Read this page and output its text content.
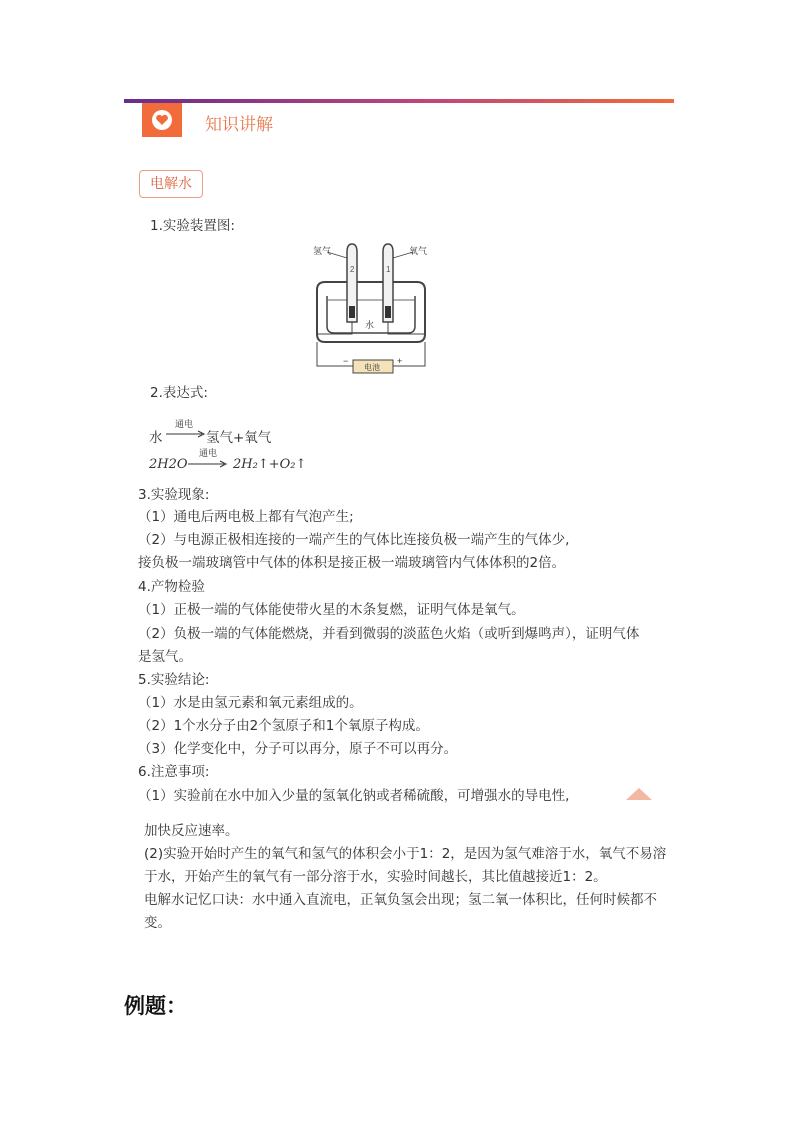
知识讲解
电解水
1.实验装置图:
氢气	氧气
2	1
水
电池
−	+
2.表达式:
水
通电
氢气+氧气
2H2O
通电
2H₂↑+O₂↑
3.实验现象:
（1）通电后两电极上都有气泡产生;
（2）与电源正极相连接的一端产生的气体比连接负极一端产生的气体少,
接负极一端玻璃管中气体的体积是接正极一端玻璃管内气体体积的2倍。
4.产物检验
（1）正极一端的气体能使带火星的木条复燃，证明气体是氧气。
（2）负极一端的气体能燃烧，并看到微弱的淡蓝色火焰（或听到爆鸣声），证明气体
是氢气。
5.实验结论:
（1）水是由氢元素和氧元素组成的。
（2）1个水分子由2个氢原子和1个氧原子构成。
（3）化学变化中，分子可以再分，原子不可以再分。
6.注意事项:
（1）实验前在水中加入少量的氢氧化钠或者稀硫酸，可增强水的导电性,
加快反应速率。
(2)实验开始时产生的氧气和氢气的体积会小于1：2，是因为氢气难溶于水，氧气不易溶
于水，开始产生的氧气有一部分溶于水，实验时间越长，其比值越接近1：2。
电解水记忆口诀：水中通入直流电，正氧负氢会出现；氢二氧一体积比，任何时候都不
变。
例题：
